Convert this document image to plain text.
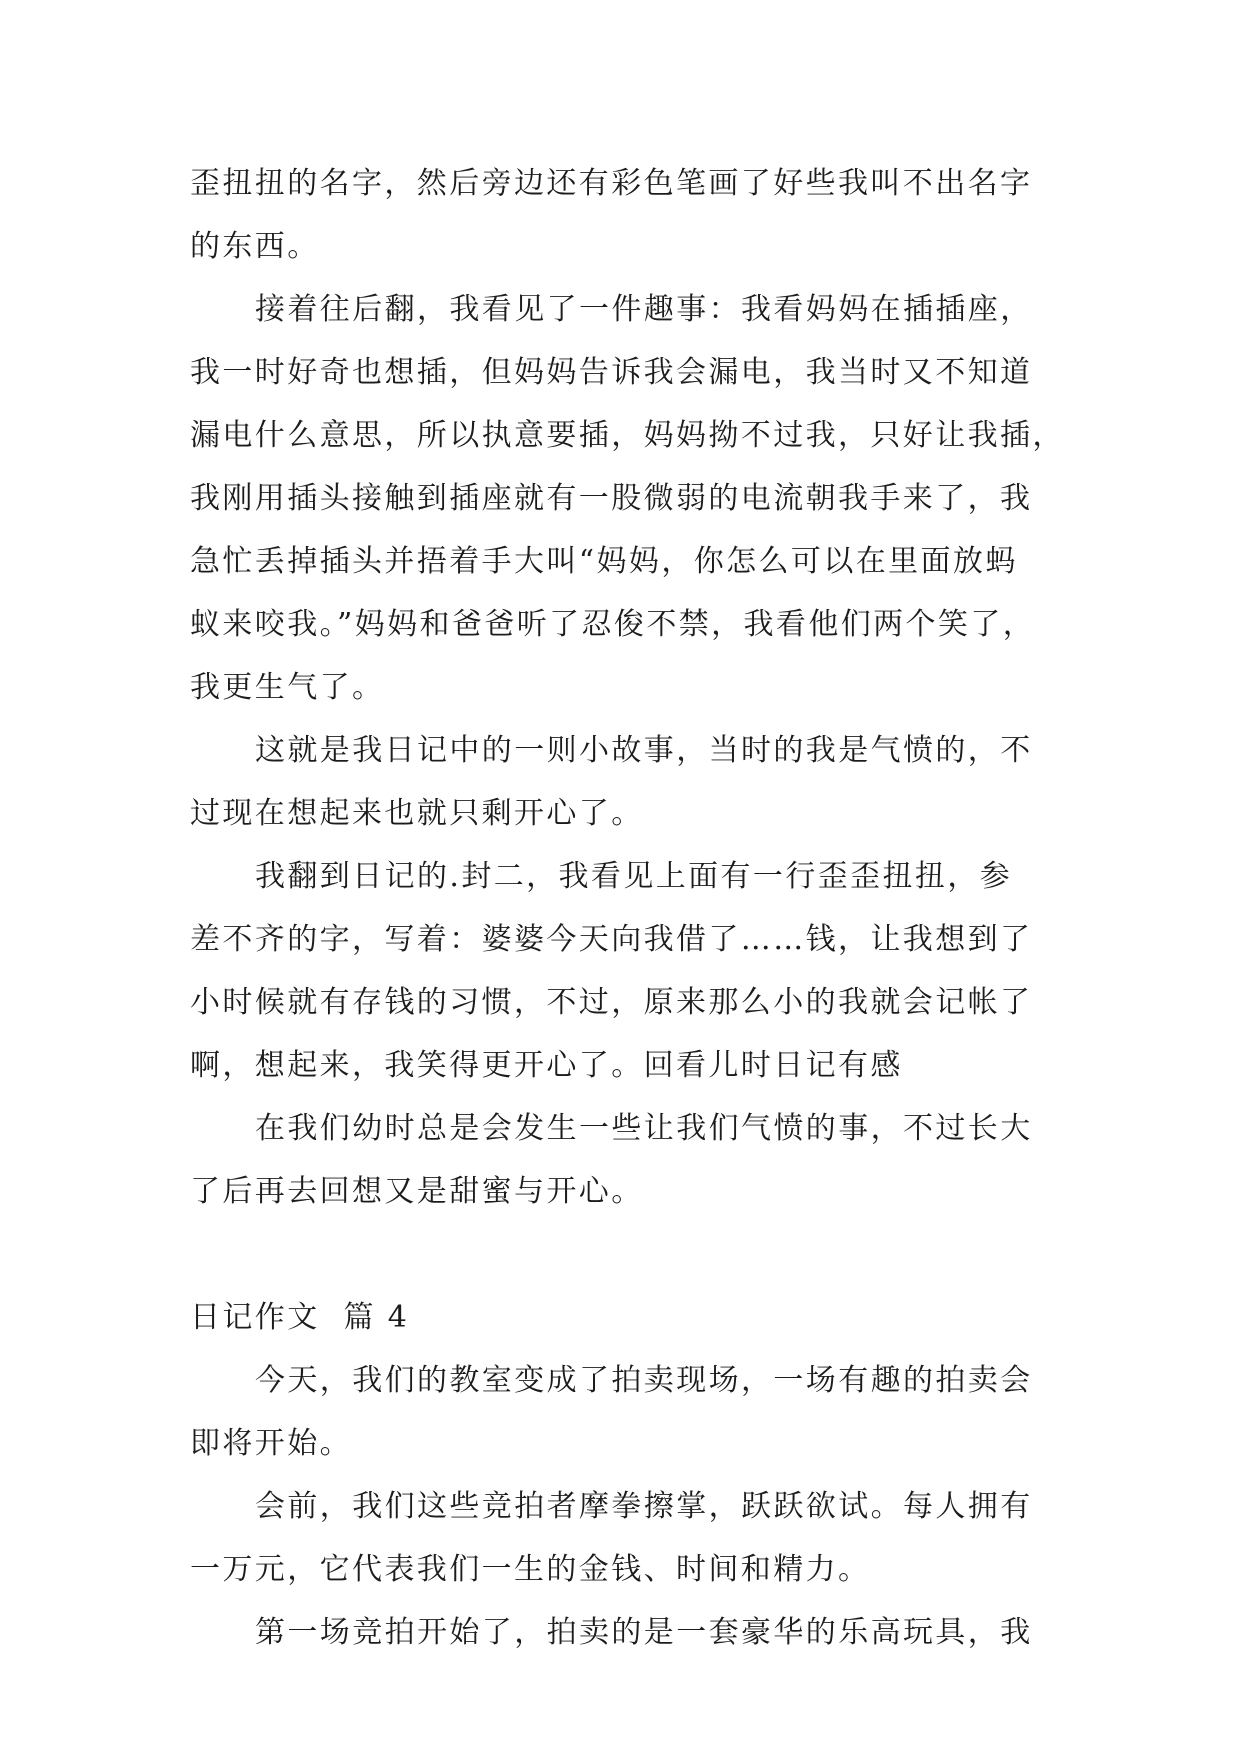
歪扭扭的名字，然后旁边还有彩色笔画了好些我叫不出名字
的东西。
接着往后翻，我看见了一件趣事：我看妈妈在插插座，
我一时好奇也想插，但妈妈告诉我会漏电，我当时又不知道
漏电什么意思，所以执意要插，妈妈拗不过我，只好让我插，
我刚用插头接触到插座就有一股微弱的电流朝我手来了，我
急忙丢掉插头并捂着手大叫“妈妈，你怎么可以在里面放蚂
蚁来咬我。”妈妈和爸爸听了忍俊不禁，我看他们两个笑了，
我更生气了。
这就是我日记中的一则小故事，当时的我是气愤的，不
过现在想起来也就只剩开心了。
我翻到日记的.封二，我看见上面有一行歪歪扭扭，参
差不齐的字，写着：婆婆今天向我借了……钱，让我想到了
小时候就有存钱的习惯，不过，原来那么小的我就会记帐了
啊，想起来，我笑得更开心了。回看儿时日记有感
在我们幼时总是会发生一些让我们气愤的事，不过长大
了后再去回想又是甜蜜与开心。
日记作文  篇 4
今天，我们的教室变成了拍卖现场，一场有趣的拍卖会
即将开始。
会前，我们这些竞拍者摩拳擦掌，跃跃欲试。每人拥有
一万元，它代表我们一生的金钱、时间和精力。
第一场竞拍开始了，拍卖的是一套豪华的乐高玩具，我
